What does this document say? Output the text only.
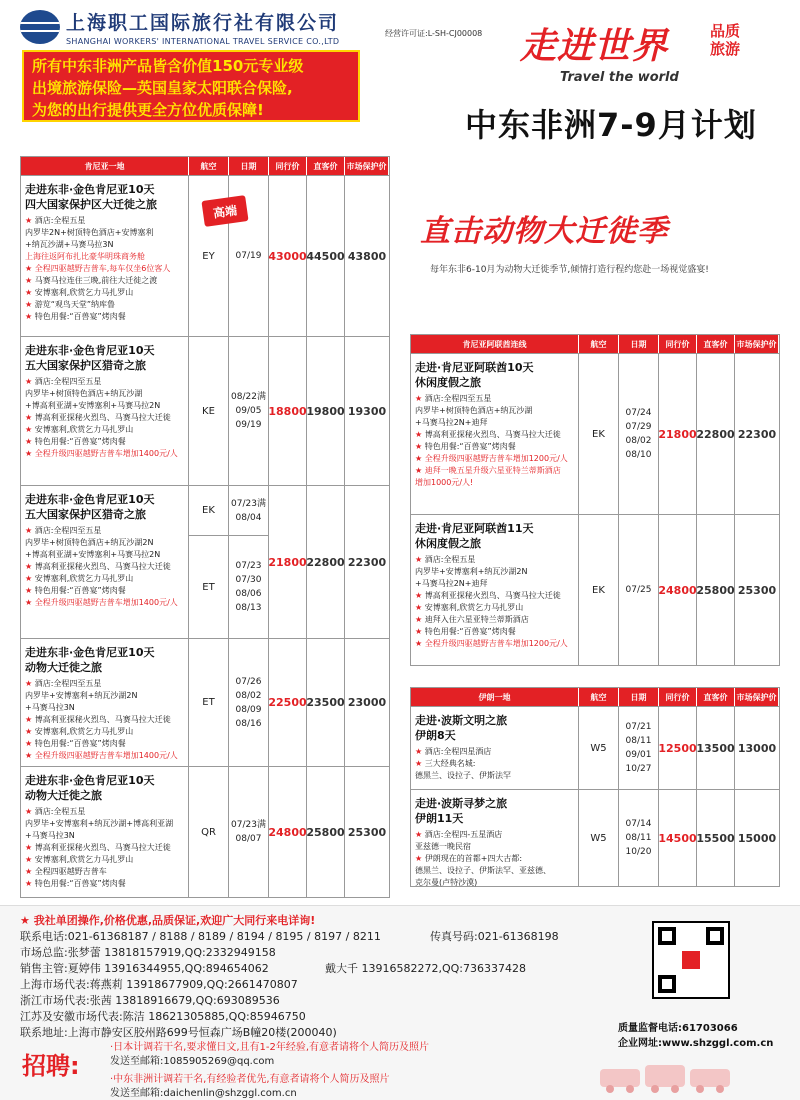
上海职工国际旅行社有限公司
SHANGHAI WORKERS' INTERNATIONAL TRAVEL SERVICE CO.,LTD
经营许可证:L-SH-CJ00008
所有中东非洲产品皆含价值150元专业级
出境旅游保险—英国皇家太阳联合保险,
为您的出行提供更全方位优质保障!
走进世界	品质
旅游
Travel the world
中东非洲7-9月计划
肯尼亚一地	航空	日期	同行价	直客价	市场保护价
走进东非·金色肯尼亚10天
四大国家保护区大迁徙之旅
★ 酒店:全程五星
内罗毕2N+树顶特色酒店+安博塞利
+纳瓦沙湖+马赛马拉3N
上海往返阿布扎比豪华明珠商务舱
★ 全程四驱越野吉普车,每车仅坐6位客人
★ 马赛马拉连住三晚,前往大迁徙之渡
★ 安博塞利,欣赏乞力马扎罗山
★ 游览“观鸟天堂”纳库鲁
★ 特色用餐:“百兽宴”烤肉餐
EY	07/19 43000 44500 43800
走进东非·金色肯尼亚10天
五大国家保护区猎奇之旅
★ 酒店:全程四至五星
内罗毕+树顶特色酒店+纳瓦沙湖
+博高利亚湖+安博塞利+马赛马拉2N
★ 博高利亚探秘火烈鸟、马赛马拉大迁徙
★ 安博塞利,欣赏乞力马扎罗山
★ 特色用餐:“百兽宴”烤肉餐
★ 全程升级四驱越野吉普车增加1400元/人
KE
08/22满
09/05
09/19
18800 19800 19300
走进东非·金色肯尼亚10天
五大国家保护区猎奇之旅
★ 酒店:全程四至五星
内罗毕+树顶特色酒店+纳瓦沙湖2N
+博高利亚湖+安博塞利+马赛马拉2N
★ 博高利亚探秘火烈鸟、马赛马拉大迁徙
★ 安博塞利,欣赏乞力马扎罗山
★ 特色用餐:“百兽宴”烤肉餐
★ 全程升级四驱越野吉普车增加1400元/人
EK
07/23满
08/04
ET
07/23
07/30
08/06
08/13
21800 22800 22300
走进东非·金色肯尼亚10天
动物大迁徙之旅
★ 酒店:全程四至五星
内罗毕+安博塞利+纳瓦沙湖2N
+马赛马拉3N
★ 博高利亚探秘火烈鸟、马赛马拉大迁徙
★ 安博塞利,欣赏乞力马扎罗山
★ 特色用餐:“百兽宴”烤肉餐
★ 全程升级四驱越野吉普车增加1400元/人
ET
07/26
08/02
08/09
08/16
22500 23500 23000
走进东非·金色肯尼亚10天
动物大迁徙之旅
★ 酒店:全程五星
内罗毕+安博塞利+纳瓦沙湖+博高利亚湖
+马赛马拉3N
★ 博高利亚探秘火烈鸟、马赛马拉大迁徙
★ 安博塞利,欣赏乞力马扎罗山
★ 全程四驱越野吉普车
★ 特色用餐:“百兽宴”烤肉餐
QR
07/23满
08/07
24800 25800 25300
高端
直击动物大迁徙季
每年东非6-10月为动物大迁徙季节,倾情打造行程约您赴一场视觉盛宴!
肯尼亚阿联酋连线	航空	日期	同行价	直客价	市场保护价
走进·肯尼亚阿联酋10天
休闲度假之旅
★ 酒店:全程四至五星
内罗毕+树顶特色酒店+纳瓦沙湖
+马赛马拉2N+迪拜
★ 博高利亚探秘火烈鸟、马赛马拉大迁徙
★ 特色用餐:“百兽宴”烤肉餐
★ 全程升级四驱越野吉普车增加1200元/人
★ 迪拜一晚五星升级六星亚特兰蒂斯酒店
增加1000元/人!
EK
07/24
07/29
08/02
08/10
21800 22800 22300
走进·肯尼亚阿联酋11天
休闲度假之旅
★ 酒店:全程五星
内罗毕+安博塞利+纳瓦沙湖2N
+马赛马拉2N+迪拜
★ 博高利亚探秘火烈鸟、马赛马拉大迁徙
★ 安博塞利,欣赏乞力马扎罗山
★ 迪拜入住六星亚特兰蒂斯酒店
★ 特色用餐:“百兽宴”烤肉餐
★ 全程升级四驱越野吉普车增加1200元/人
EK	07/25 24800 25800 25300
伊朗一地	航空	日期	同行价	直客价	市场保护价
走进·波斯文明之旅
伊朗8天
★ 酒店:全程四星酒店
★ 三大经典名城:
德黑兰、设拉子、伊斯法罕
W5
07/21
08/11
09/01
10/27
12500 13500 13000
走进·波斯寻梦之旅
伊朗11天
★ 酒店:全程四-五星酒店
亚兹德一晚民宿
★ 伊朗现在的首都+四大古都:
德黑兰、设拉子、伊斯法罕、亚兹德、
克尔曼(卢特沙漠)
W5
07/14
08/11
10/20
14500 15500 15000
★ 我社单团操作,价格优惠,品质保证,欢迎广大同行来电详询!
联系电话:021-61368187 / 8188 / 8189 / 8194 / 8195 / 8197 / 8211	传真号码:021-61368198
市场总监:张梦蕾 13818157919,QQ:2332949158
销售主管:夏婷伟 13916344955,QQ:894654062	戴大千 13916582272,QQ:736337428
上海市场代表:蒋燕莉 13918677909,QQ:2661470807
浙江市场代表:张茜 13818916679,QQ:693089536
江苏及安徽市场代表:陈洁 18621305885,QQ:85946750
联系地址:上海市静安区胶州路699号恒森广场B幢20楼(200040)
招聘:
·日本计调若干名,要求懂日文,且有1-2年经验,有意者请将个人简历及照片
发送至邮箱:1085905269@qq.com
·中东非洲计调若干名,有经验者优先,有意者请将个人简历及照片
发送至邮箱:daichenlin@shzggl.com.cn
质量监督电话:61703066
企业网址:www.shzggl.com.cn
